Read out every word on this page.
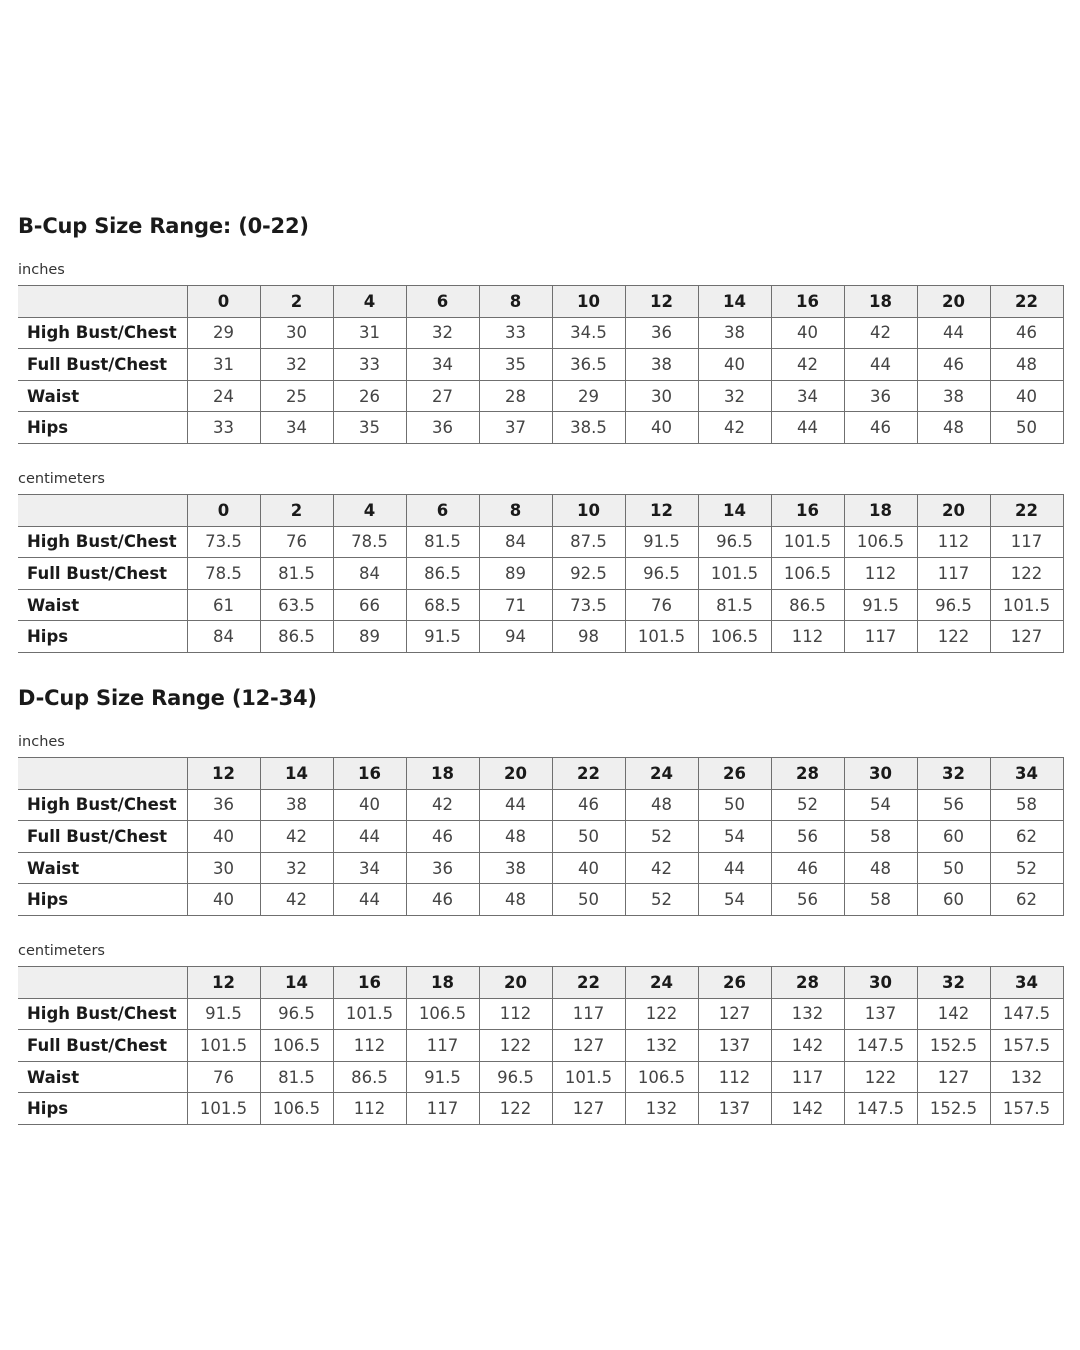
B-Cup Size Range: (0-22)
inches
	0	2	4	6	8	10	12	14	16	18	20	22
High Bust/Chest	29	30	31	32	33	34.5	36	38	40	42	44	46
Full Bust/Chest	31	32	33	34	35	36.5	38	40	42	44	46	48
Waist	24	25	26	27	28	29	30	32	34	36	38	40
Hips	33	34	35	36	37	38.5	40	42	44	46	48	50
centimeters
	0	2	4	6	8	10	12	14	16	18	20	22
High Bust/Chest	73.5	76	78.5	81.5	84	87.5	91.5	96.5	101.5	106.5	112	117
Full Bust/Chest	78.5	81.5	84	86.5	89	92.5	96.5	101.5	106.5	112	117	122
Waist	61	63.5	66	68.5	71	73.5	76	81.5	86.5	91.5	96.5	101.5
Hips	84	86.5	89	91.5	94	98	101.5	106.5	112	117	122	127
D-Cup Size Range (12-34)
inches
	12	14	16	18	20	22	24	26	28	30	32	34
High Bust/Chest	36	38	40	42	44	46	48	50	52	54	56	58
Full Bust/Chest	40	42	44	46	48	50	52	54	56	58	60	62
Waist	30	32	34	36	38	40	42	44	46	48	50	52
Hips	40	42	44	46	48	50	52	54	56	58	60	62
centimeters
	12	14	16	18	20	22	24	26	28	30	32	34
High Bust/Chest	91.5	96.5	101.5	106.5	112	117	122	127	132	137	142	147.5
Full Bust/Chest	101.5	106.5	112	117	122	127	132	137	142	147.5	152.5	157.5
Waist	76	81.5	86.5	91.5	96.5	101.5	106.5	112	117	122	127	132
Hips	101.5	106.5	112	117	122	127	132	137	142	147.5	152.5	157.5
